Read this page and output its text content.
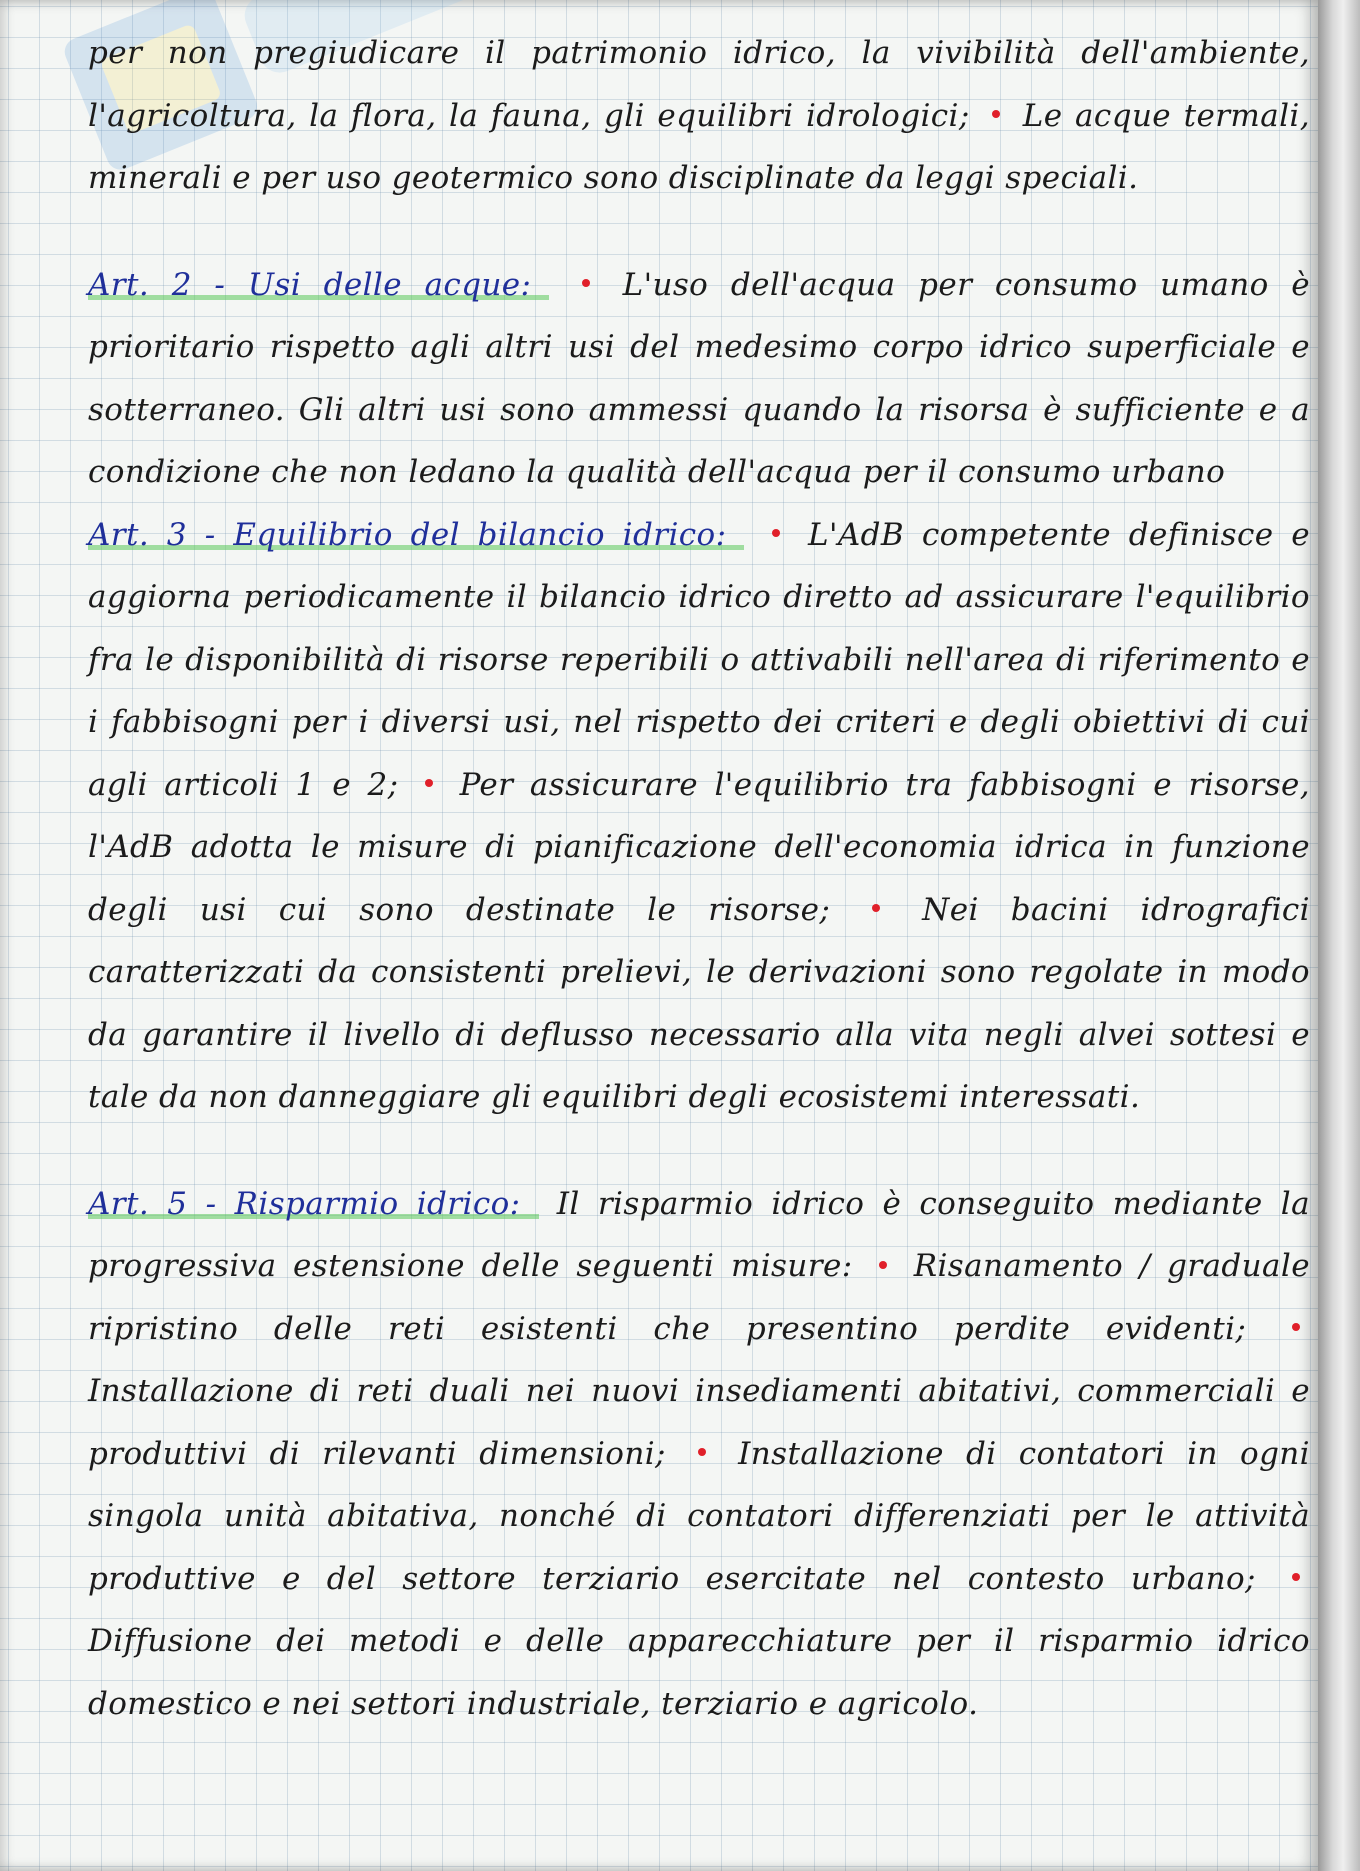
per non pregiudicare il patrimonio idrico, la vivibilità dell'ambiente, l'agricoltura, la flora, la fauna, gli equilibri idrologici; Le acque termali, minerali e per uso geotermico sono disciplinate da leggi speciali.

Art. 2 - Usi delle acque:	L'uso dell'acqua per consumo umano è prioritario rispetto agli altri usi del medesimo corpo idrico superficiale e sotterraneo. Gli altri usi sono ammessi quando la risorsa è sufficiente e a condizione che non ledano la qualità dell'acqua per il consumo urbano

Art. 3 - Equilibrio del bilancio idrico:	L'AdB competente definisce e aggiorna periodicamente il bilancio idrico diretto ad assicurare l'equilibrio fra le disponibilità di risorse reperibili o attivabili nell'area di riferimento e i fabbisogni per i diversi usi, nel rispetto dei criteri e degli obiettivi di cui agli articoli 1 e 2; Per assicurare l'equilibrio tra fabbisogni e risorse, l'AdB adotta le misure di pianificazione dell'economia idrica in funzione degli usi cui sono destinate le risorse;	Nei bacini idrografici caratterizzati da consistenti prelievi, le derivazioni sono regolate in modo da garantire il livello di deflusso necessario alla vita negli alvei sottesi e tale da non danneggiare gli equilibri degli ecosistemi interessati.

Art. 5 - Risparmio idrico: Il risparmio idrico è conseguito mediante la progressiva estensione delle seguenti misure: Risanamento / graduale ripristino delle reti esistenti che presentino perdite evidenti;  Installazione di reti duali nei nuovi insediamenti abitativi, commerciali e produttivi di rilevanti dimensioni; Installazione di contatori in ogni singola unità abitativa, nonché di contatori differenziati per le attività produttive e del settore terziario esercitate nel contesto urbano;  Diffusione dei metodi e delle apparecchiature per il risparmio idrico domestico e nei settori industriale, terziario e agricolo.
